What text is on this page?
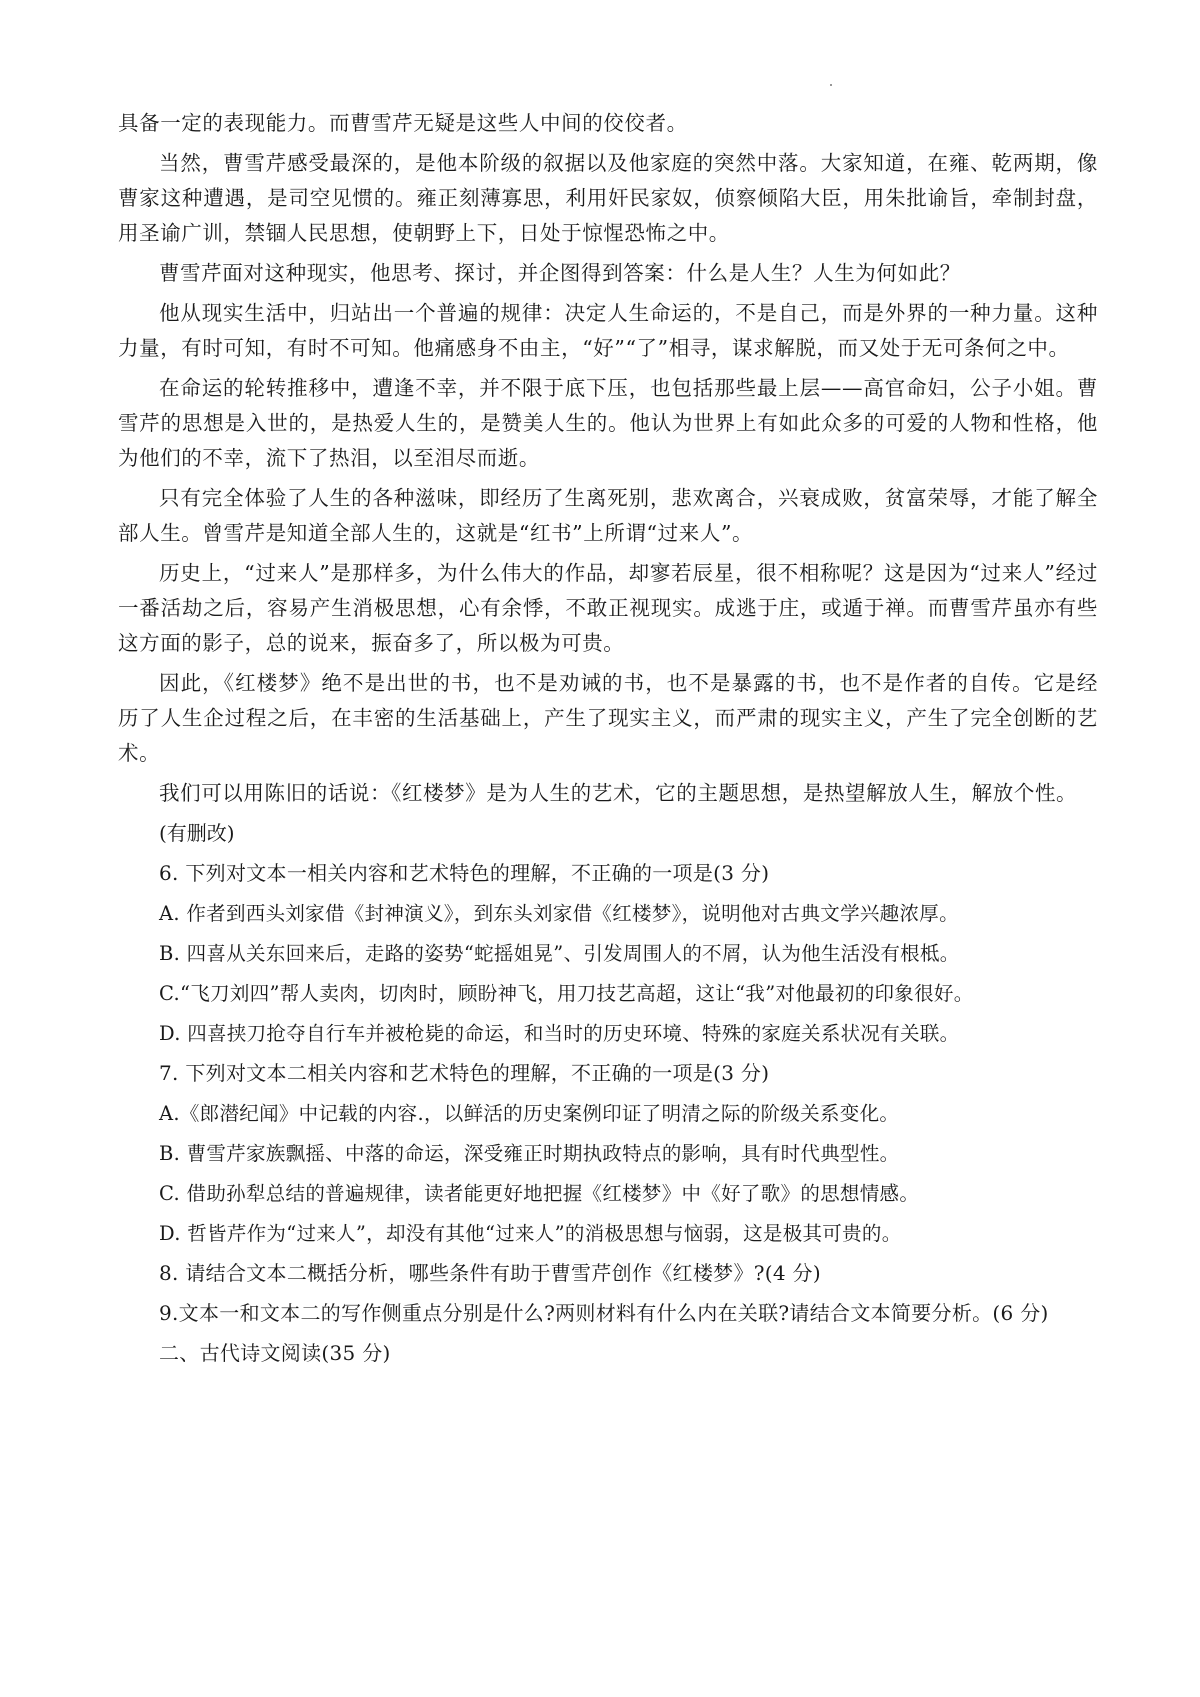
具备一定的表现能力。而曹雪芹无疑是这些人中间的佼佼者。

当然，曹雪芹感受最深的，是他本阶级的叙据以及他家庭的突然中落。大家知道，在雍、乾两期，像曹家这种遭遇，是司空见惯的。雍正刻薄寡思，利用奸民家奴，侦察倾陷大臣，用朱批谕旨，牵制封盘，用圣谕广训，禁锢人民思想，使朝野上下，日处于惊惺恐怖之中。

曹雪芹面对这种现实，他思考、探讨，并企图得到答案：什么是人生？人生为何如此？

他从现实生活中，归站出一个普遍的规律：决定人生命运的，不是自己，而是外界的一种力量。这种力量，有时可知，有时不可知。他痛感身不由主，“好”“了”相寻，谋求解脱，而又处于无可条何之中。

在命运的轮转推移中，遭逢不幸，并不限于底下压，也包括那些最上层——高官命妇，公子小姐。曹雪芹的思想是入世的，是热爱人生的，是赞美人生的。他认为世界上有如此众多的可爱的人物和性格，他为他们的不幸，流下了热泪，以至泪尽而逝。

只有完全体验了人生的各种滋味，即经历了生离死别，悲欢离合，兴衰成败，贫富荣辱，才能了解全部人生。曾雪芹是知道全部人生的，这就是“红书”上所谓“过来人”。

历史上，“过来人”是那样多，为什么伟大的作品，却寥若辰星，很不相称呢？这是因为“过来人”经过一番活劫之后，容易产生消极思想，心有余悸，不敢正视现实。成逃于庄，或遁于禅。而曹雪芹虽亦有些这方面的影子，总的说来，振奋多了，所以极为可贵。

因此，《红楼梦》绝不是出世的书，也不是劝诫的书，也不是暴露的书，也不是作者的自传。它是经历了人生企过程之后，在丰密的生活基础上，产生了现实主义，而严肃的现实主义，产生了完全创断的艺术。

我们可以用陈旧的话说：《红楼梦》是为人生的艺术，它的主题思想，是热望解放人生，解放个性。

(有删改)

6. 下列对文本一相关内容和艺术特色的理解，不正确的一项是(3 分)

A. 作者到西头刘家借《封神演义》，到东头刘家借《红楼梦》，说明他对古典文学兴趣浓厚。

B. 四喜从关东回来后，走路的姿势“蛇摇姐晃”、引发周围人的不屑，认为他生活没有根柢。

C.“飞刀刘四”帮人卖肉，切肉时，顾盼神飞，用刀技艺高超，这让“我”对他最初的印象很好。

D. 四喜挟刀抢夺自行车并被枪毙的命运，和当时的历史环境、特殊的家庭关系状况有关联。

7. 下列对文本二相关内容和艺术特色的理解，不正确的一项是(3 分)

A.《郎潜纪闻》中记载的内容.，以鲜活的历史案例印证了明清之际的阶级关系变化。

B. 曹雪芹家族飘摇、中落的命运，深受雍正时期执政特点的影响，具有时代典型性。

C. 借助孙犁总结的普遍规律，读者能更好地把握《红楼梦》中《好了歌》的思想情感。

D. 哲皆芹作为“过来人”，却没有其他“过来人”的消极思想与恼弱，这是极其可贵的。

8. 请结合文本二概括分析，哪些条件有助于曹雪芹创作《红楼梦》?(4 分)

9.文本一和文本二的写作侧重点分别是什么?两则材料有什么内在关联?请结合文本简要分析。(6 分)

二、古代诗文阅读(35 分)
